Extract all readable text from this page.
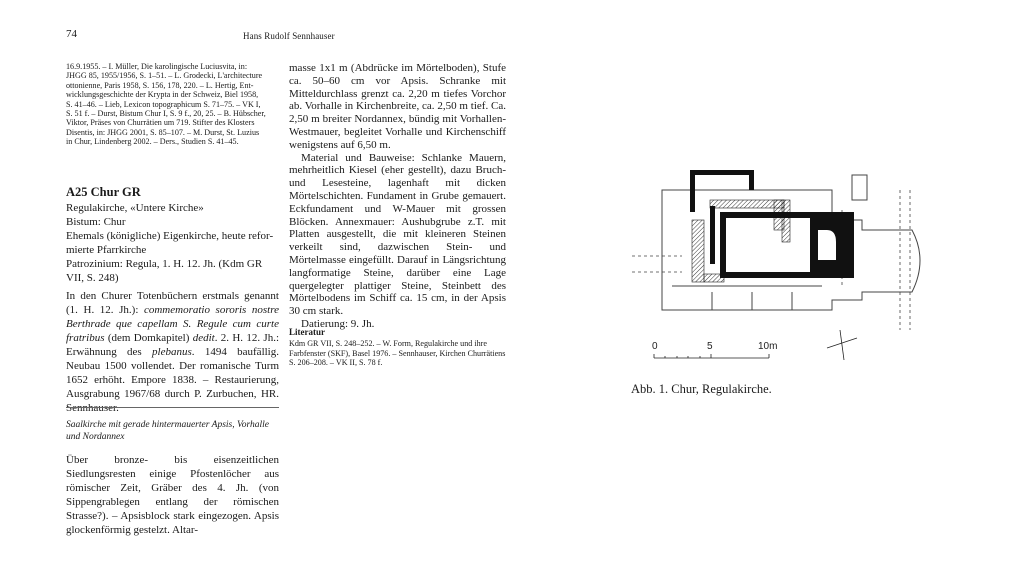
74	Hans Rudolf Sennhauser
16.9.1955. – I. Müller, Die karolingische Luciusvita, in:
JHGG 85, 1955/1956, S. 1–51. – L. Grodecki, L'architecture
ottonienne, Paris 1958, S. 156, 178, 220. – L. Hertig, Ent-
wicklungsgeschichte der Krypta in der Schweiz, Biel 1958,
S. 41–46. – Lieb, Lexicon topographicum S. 71–75. – VK I,
S. 51 f. – Durst, Bistum Chur I, S. 9 f., 20, 25. – B. Hübscher,
Viktor, Präses von Churrätien um 719. Stifter des Klosters
Disentis, in: JHGG 2001, S. 85–107. – M. Durst, St. Luzius
in Chur, Lindenberg 2002. – Ders., Studien S. 41–45.
A25 Chur GR
Regulakirche, «Untere Kirche»
Bistum: Chur
Ehemals (königliche) Eigenkirche, heute refor-
mierte Pfarrkirche
Patrozinium: Regula, 1. H. 12. Jh. (Kdm GR
VII, S. 248)
In den Churer Totenbüchern erstmals genannt (1. H. 12. Jh.): commemoratio sororis nostre Berthrade que capellam S. Regule cum curte fratribus (dem Domkapitel) dedit. 2. H. 12. Jh.: Erwähnung des plebanus. 1494 baufällig. Neubau 1500 vollendet. Der romanische Turm 1652 erhöht. Empore 1838. – Restaurierung, Ausgrabung 1967/68 durch P. Zurbuchen, HR. Sennhauser.
Saalkirche mit gerade hintermauerter Apsis, Vorhalle und Nordannex
Über bronze- bis eisenzeitlichen Siedlungsresten einige Pfostenlöcher aus römischer Zeit, Gräber des 4. Jh. (von Sippengrablegen entlang der römischen Strasse?). – Apsisblock stark eingezogen. Apsis glockenförmig gestelzt. Altar-

masse 1x1 m (Abdrücke im Mörtelboden), Stufe ca. 50–60 cm vor Apsis. Schranke mit Mitteldurchlass grenzt ca. 2,20 m tiefes Vorchor ab. Vorhalle in Kirchenbreite, ca. 2,50 m tief. Ca. 2,50 m breiter Nordannex, bündig mit Vorhallen-Westmauer, begleitet Vorhalle und Kirchenschiff wenigstens auf 6,50 m.

Material und Bauweise: Schlanke Mauern, mehrheitlich Kiesel (eher gestellt), dazu Bruch- und Lesesteine, lagenhaft mit dicken Mörtelschichten. Fundament in Grube gemauert. Eckfundament und W-Mauer mit grossen Blöcken. Annexmauer: Aushubgrube z.T. mit Platten ausgestellt, die mit kleineren Steinen verkeilt sind, dazwischen Stein- und Mörtelmasse eingefüllt. Darauf in Längsrichtung langformatige Steine, darüber eine Lage quergelegter plattiger Steine, Steinbett des Mörtelbodens im Schiff ca. 15 cm, in der Apsis 30 cm stark.

Datierung: 9. Jh.

Literatur
Kdm GR VII, S. 248–252. – W. Form, Regulakirche und ihre Farbfenster (SKF), Basel 1976. – Sennhauser, Kirchen Churrätiens S. 206–208. – VK II, S. 78 f.
0	5	10m
Abb. 1. Chur, Regulakirche.
